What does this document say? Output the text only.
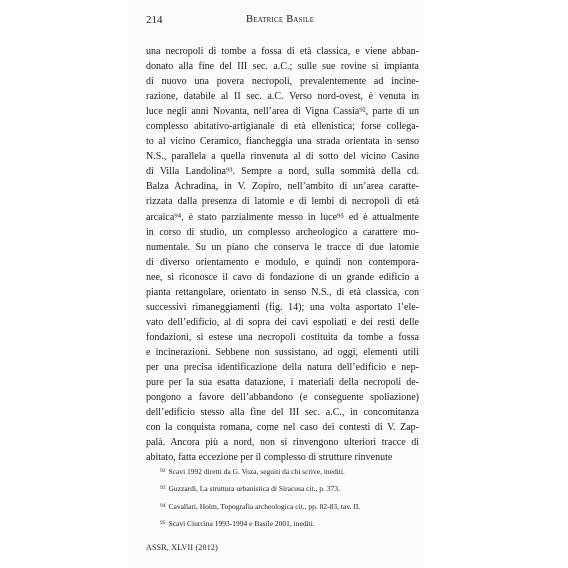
214	Beatrice Basile
una necropoli di tombe a fossa di età classica, e viene abban-
donato alla fine del III sec. a.C.; sulle sue rovine si impianta
di nuovo una povera necropoli, prevalentemente ad incine-
razione, databile al II sec. a.C. Verso nord-ovest, è venuta in
luce negli anni Novanta, nell’area di Vigna Cassia⁹², parte di un
complesso abitativo-artigianale di età ellenistica; forse collega-
to al vicino Ceramico, fiancheggia una strada orientata in senso
N.S., parallela a quella rinvenuta al di sotto del vicino Casino
di Villa Landolina⁹³. Sempre a nord, sulla sommità della cd.
Balza Achradina, in V. Zopiro, nell’ambito di un’area caratte-
rizzata dalla presenza di latomie e di lembi di necropoli di età
arcaica⁹⁴, è stato parzialmente messo in luce⁹⁵ ed è attualmente
in corso di studio, un complesso archeologico a carattere mo-
numentale. Su un piano che conserva le tracce di due latomie
di diverso orientamento e modulo, e quindi non contempora-
nee, si riconosce il cavo di fondazione di un grande edificio a
pianta rettangolare, orientato in senso N.S., di età classica, con
successivi rimaneggiamenti (fig. 14); una volta asportato l’ele-
vato dell’edificio, al di sopra dei cavi espoliati e dei resti delle
fondazioni, si estese una necropoli costituita da tombe a fossa
e incinerazioni. Sebbene non sussistano, ad oggi, elementi utili
per una precisa identificazione della natura dell’edificio e nep-
pure per la sua esatta datazione, i materiali della necropoli de-
pongono a favore dell’abbandono (e conseguente spoliazione)
dell’edificio stesso alla fine del III sec. a.C., in concomitanza
con la conquista romana, come nel caso dei contesti di V. Zap-
palà. Ancora più a nord, non si rinvengono ulteriori tracce di
abitato, fatta eccezione per il complesso di strutture rinvenute
$^{92}$ Scavi 1992 diretti da G. Voza, seguiti da chi scrive, inediti.
$^{93}$ Guzzardi, La struttura urbanistica di Siracusa cit., p. 373.
$^{94}$ Cavallari, Holm, Topografia archeologica cit., pp. 82-83, tav. II.
$^{95}$ Scavi Ciurcina 1993-1994 e Basile 2001, inediti.
ASSR, XLVII (2012)
